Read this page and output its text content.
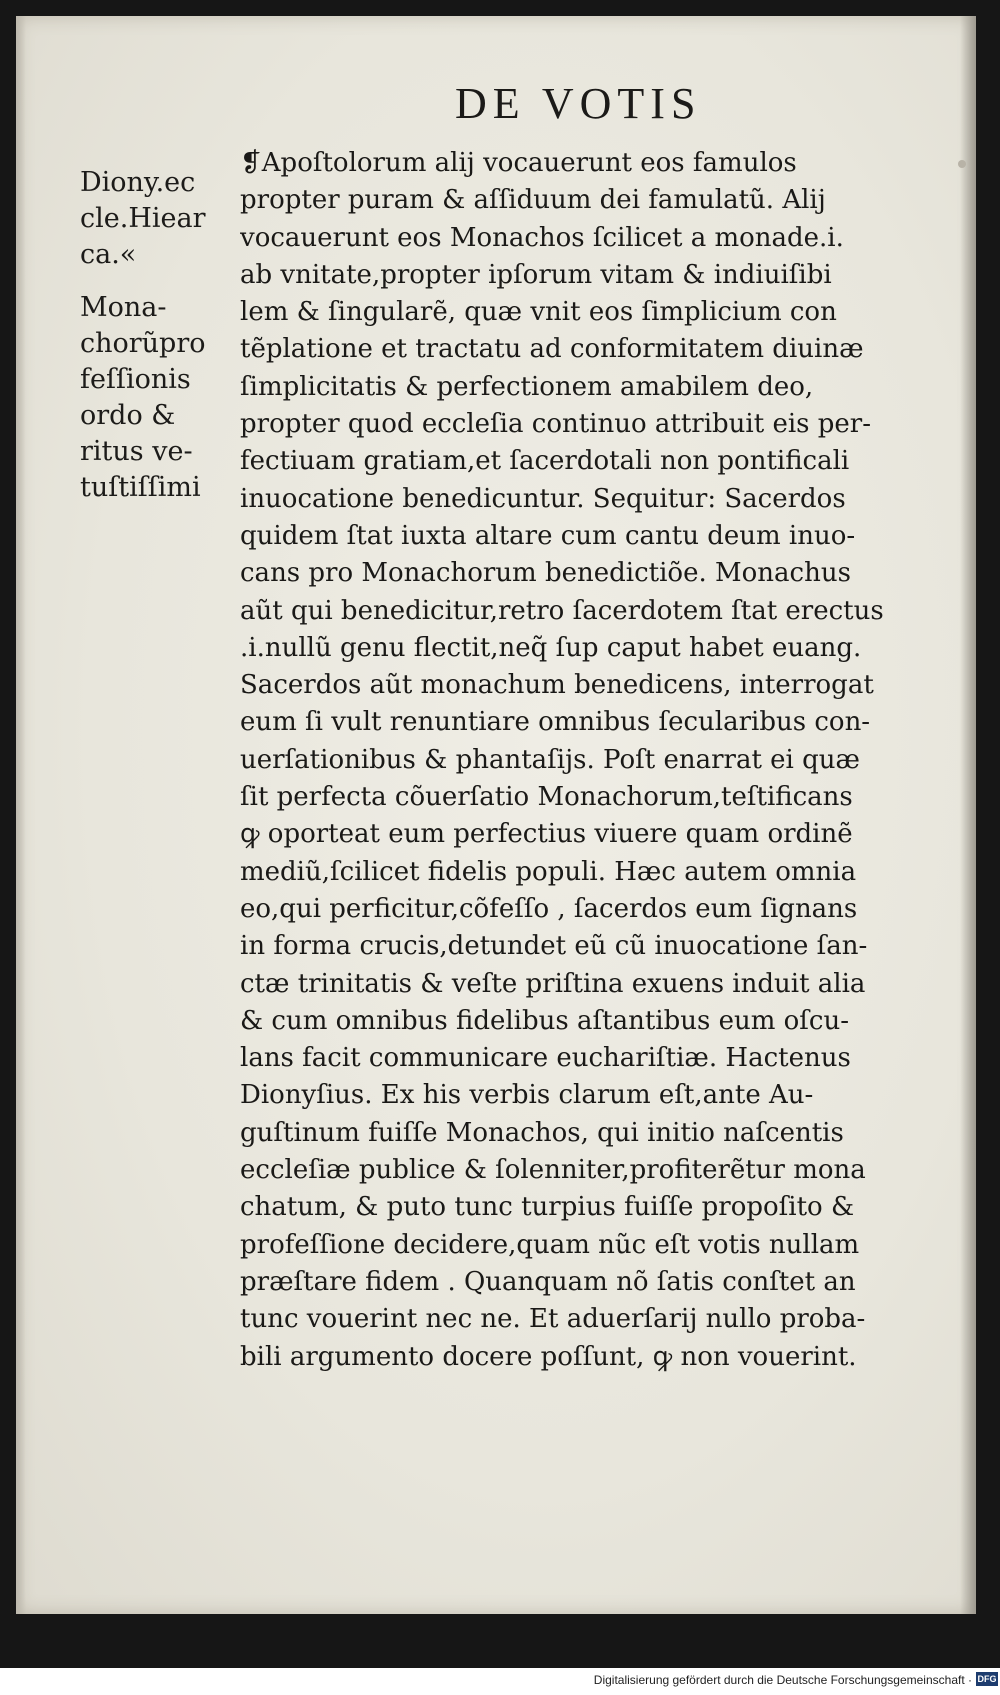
DE VOTIS
Diony.ec
cle.Hiear
ca.«
Mona-
chorũpro
feſſionis
ordo &
ritus ve-
tuſtiſſimi
❡Apoſtolorum alij vocauerunt eos famulos
propter puram & aſſiduum dei famulatũ. Alij
vocauerunt eos Monachos ſcilicet a monade.i.
ab vnitate,propter ipſorum vitam & indiuiſibi
lem & ſingularẽ, quæ vnit eos ſimplicium con
tẽplatione et tractatu ad conformitatem diuinæ
ſimplicitatis & perfectionem amabilem deo,
propter quod eccleſia continuo attribuit eis per-
fectiuam gratiam,et ſacerdotali non pontificali
inuocatione benedicuntur. Sequitur: Sacerdos
quidem ſtat iuxta altare cum cantu deum inuo-
cans pro Monachorum benedictiõe. Monachus
aũt qui benedicitur,retro ſacerdotem ſtat erectus
.i.nullũ genu flectit,neq̃ ſup caput habet euang.
Sacerdos aũt monachum benedicens, interrogat
eum ſi vult renuntiare omnibus ſecularibus con-
uerſationibus & phantaſijs. Poſt enarrat ei quæ
ſit perfecta cõuerſatio Monachorum,teſtificans
ꝙ oporteat eum perfectius viuere quam ordinẽ
mediũ,ſcilicet fidelis populi. Hæc autem omnia
eo,qui perficitur,cõfeſſo , ſacerdos eum ſignans
in forma crucis,detundet eũ cũ inuocatione ſan-
ctæ trinitatis & veſte priſtina exuens induit alia
& cum omnibus fidelibus aſtantibus eum oſcu-
lans facit communicare euchariſtiæ. Hactenus
Dionyſius. Ex his verbis clarum eſt,ante Au-
guſtinum fuiſſe Monachos, qui initio naſcentis
eccleſiæ publice & ſolenniter,profiterẽtur mona
chatum, & puto tunc turpius fuiſſe propoſito &
profeſſione decidere,quam nũc eſt votis nullam
præſtare fidem . Quanquam nõ ſatis conſtet an
tunc vouerint nec ne. Et aduerſarij nullo proba-
bili argumento docere poſſunt, ꝙ non vouerint.
Digitalisierung gefördert durch die Deutsche Forschungsgemeinschaft · DFG
